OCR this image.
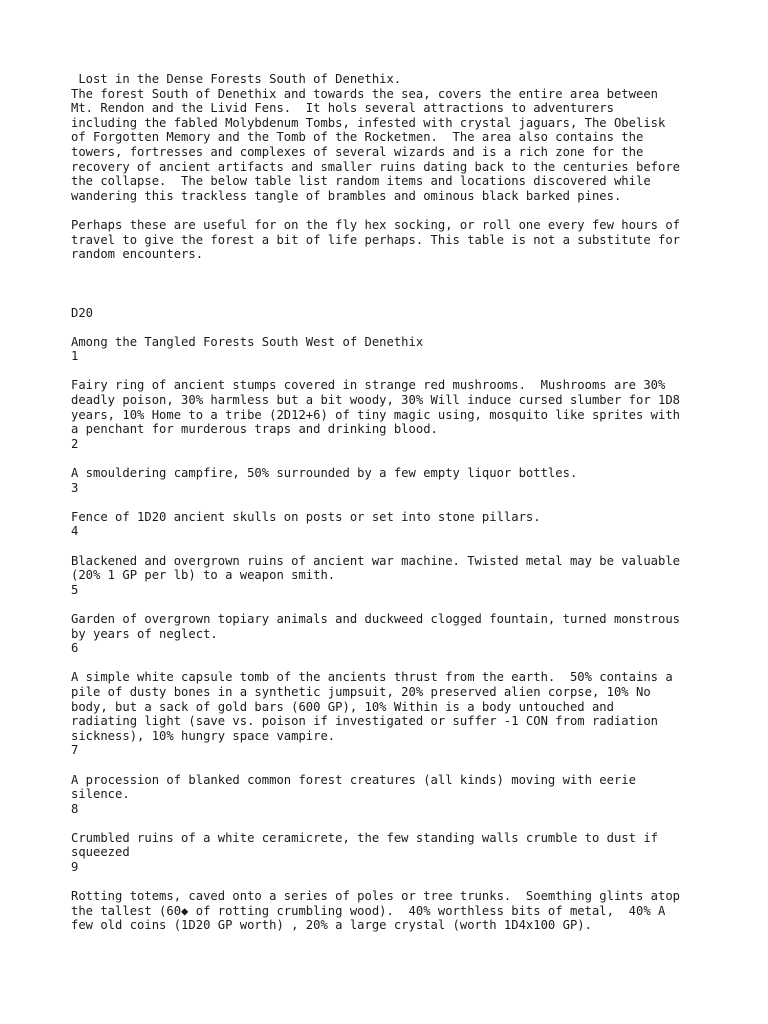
Lost in the Dense Forests South of Denethix.
The forest South of Denethix and towards the sea, covers the entire area between
Mt. Rendon and the Livid Fens.  It hols several attractions to adventurers
including the fabled Molybdenum Tombs, infested with crystal jaguars, The Obelisk
of Forgotten Memory and the Tomb of the Rocketmen.  The area also contains the
towers, fortresses and complexes of several wizards and is a rich zone for the
recovery of ancient artifacts and smaller ruins dating back to the centuries before
the collapse.  The below table list random items and locations discovered while
wandering this trackless tangle of brambles and ominous black barked pines.
Perhaps these are useful for on the fly hex socking, or roll one every few hours of
travel to give the forest a bit of life perhaps. This table is not a substitute for
random encounters.
D20
Among the Tangled Forests South West of Denethix
1
Fairy ring of ancient stumps covered in strange red mushrooms.  Mushrooms are 30%
deadly poison, 30% harmless but a bit woody, 30% Will induce cursed slumber for 1D8
years, 10% Home to a tribe (2D12+6) of tiny magic using, mosquito like sprites with
a penchant for murderous traps and drinking blood.
2
A smouldering campfire, 50% surrounded by a few empty liquor bottles.
3
Fence of 1D20 ancient skulls on posts or set into stone pillars.
4
Blackened and overgrown ruins of ancient war machine. Twisted metal may be valuable
(20% 1 GP per lb) to a weapon smith.
5
Garden of overgrown topiary animals and duckweed clogged fountain, turned monstrous
by years of neglect.
6
A simple white capsule tomb of the ancients thrust from the earth.  50% contains a
pile of dusty bones in a synthetic jumpsuit, 20% preserved alien corpse, 10% No
body, but a sack of gold bars (600 GP), 10% Within is a body untouched and
radiating light (save vs. poison if investigated or suffer -1 CON from radiation
sickness), 10% hungry space vampire.
7
A procession of blanked common forest creatures (all kinds) moving with eerie
silence.
8
Crumbled ruins of a white ceramicrete, the few standing walls crumble to dust if
squeezed
9
Rotting totems, caved onto a series of poles or tree trunks.  Soemthing glints atop
the tallest (60◆ of rotting crumbling wood).  40% worthless bits of metal,  40% A
few old coins (1D20 GP worth) , 20% a large crystal (worth 1D4x100 GP).
